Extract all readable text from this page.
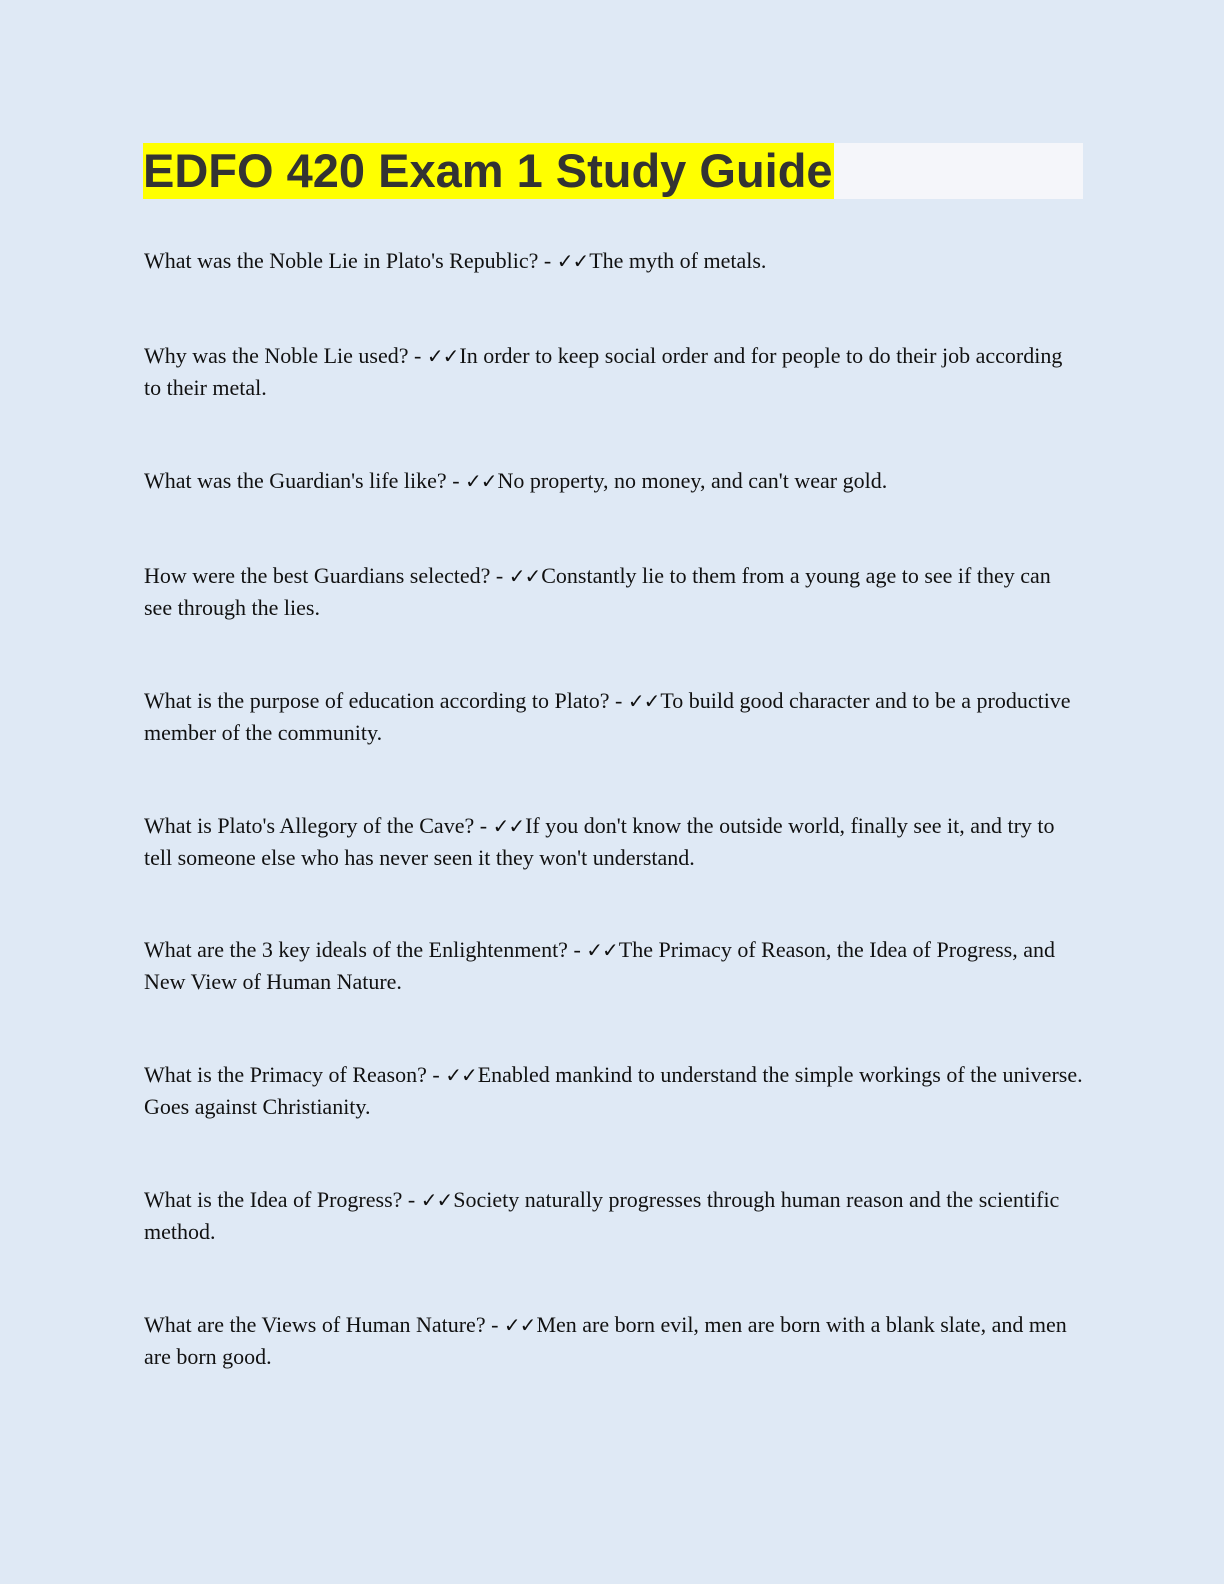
EDFO 420 Exam 1 Study Guide

What was the Noble Lie in Plato's Republic? - ✓✓The myth of metals.

Why was the Noble Lie used? - ✓✓In order to keep social order and for people to do their job according to their metal.

What was the Guardian's life like? - ✓✓No property, no money, and can't wear gold.

How were the best Guardians selected? - ✓✓Constantly lie to them from a young age to see if they can see through the lies.

What is the purpose of education according to Plato? - ✓✓To build good character and to be a productive member of the community.

What is Plato's Allegory of the Cave? - ✓✓If you don't know the outside world, finally see it, and try to tell someone else who has never seen it they won't understand.

What are the 3 key ideals of the Enlightenment? - ✓✓The Primacy of Reason, the Idea of Progress, and New View of Human Nature.

What is the Primacy of Reason? - ✓✓Enabled mankind to understand the simple workings of the universe. Goes against Christianity.

What is the Idea of Progress? - ✓✓Society naturally progresses through human reason and the scientific method.

What are the Views of Human Nature? - ✓✓Men are born evil, men are born with a blank slate, and men are born good.
